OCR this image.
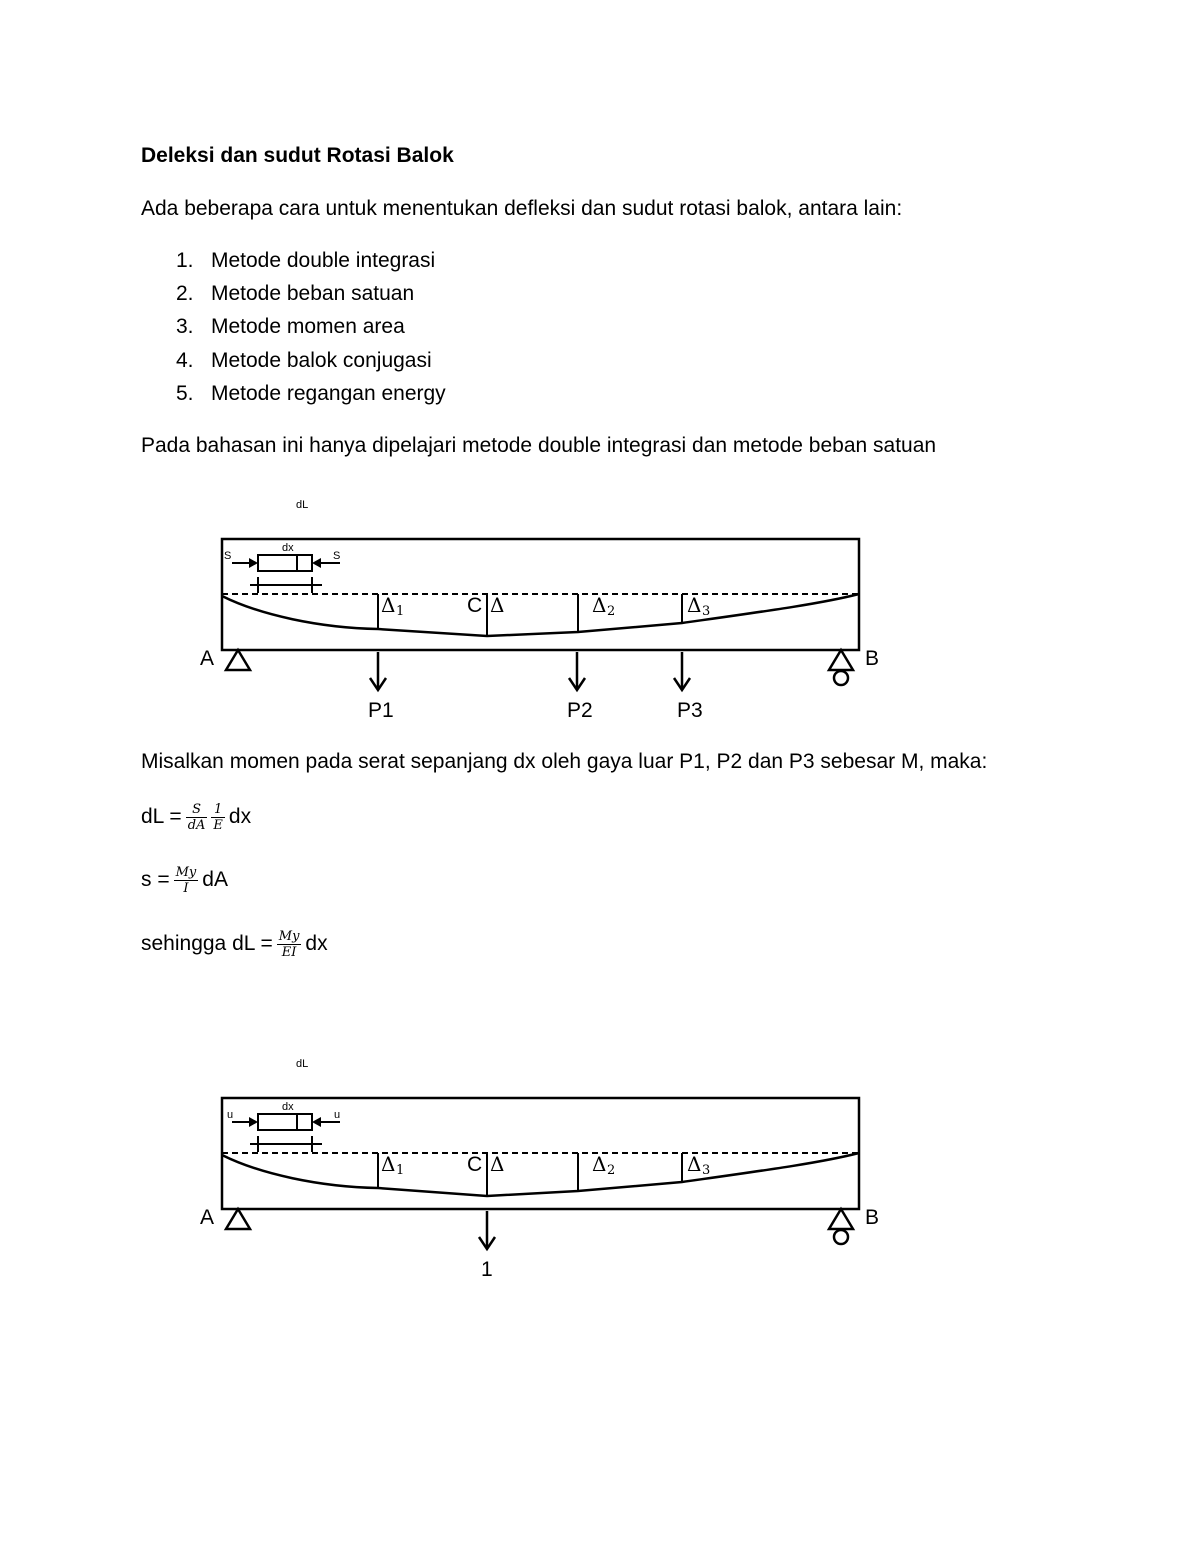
Deleksi dan sudut Rotasi Balok
Ada beberapa cara untuk menentukan defleksi dan sudut rotasi balok, antara lain:
1. Metode double integrasi
2. Metode beban satuan
3. Metode momen area
4. Metode balok conjugasi
5. Metode regangan energy
Pada bahasan ini hanya dipelajari metode double integrasi dan metode beban satuan
dx
S	S
dL
Δ 1	C Δ	Δ 2	Δ 3
A	B
P1	P2	P3
dx
u	u
dL
Δ 1	C Δ	Δ 2	Δ 3
A	B
1
Misalkan momen pada serat sepanjang dx oleh gaya luar P1, P2 dan P3 sebesar M, maka:
dL = $\frac{S}{dA} \frac{1}{E}$ dx
$s = \frac{My}{I}$ dA
sehingga dL = $\frac{My}{EI}$ dx
